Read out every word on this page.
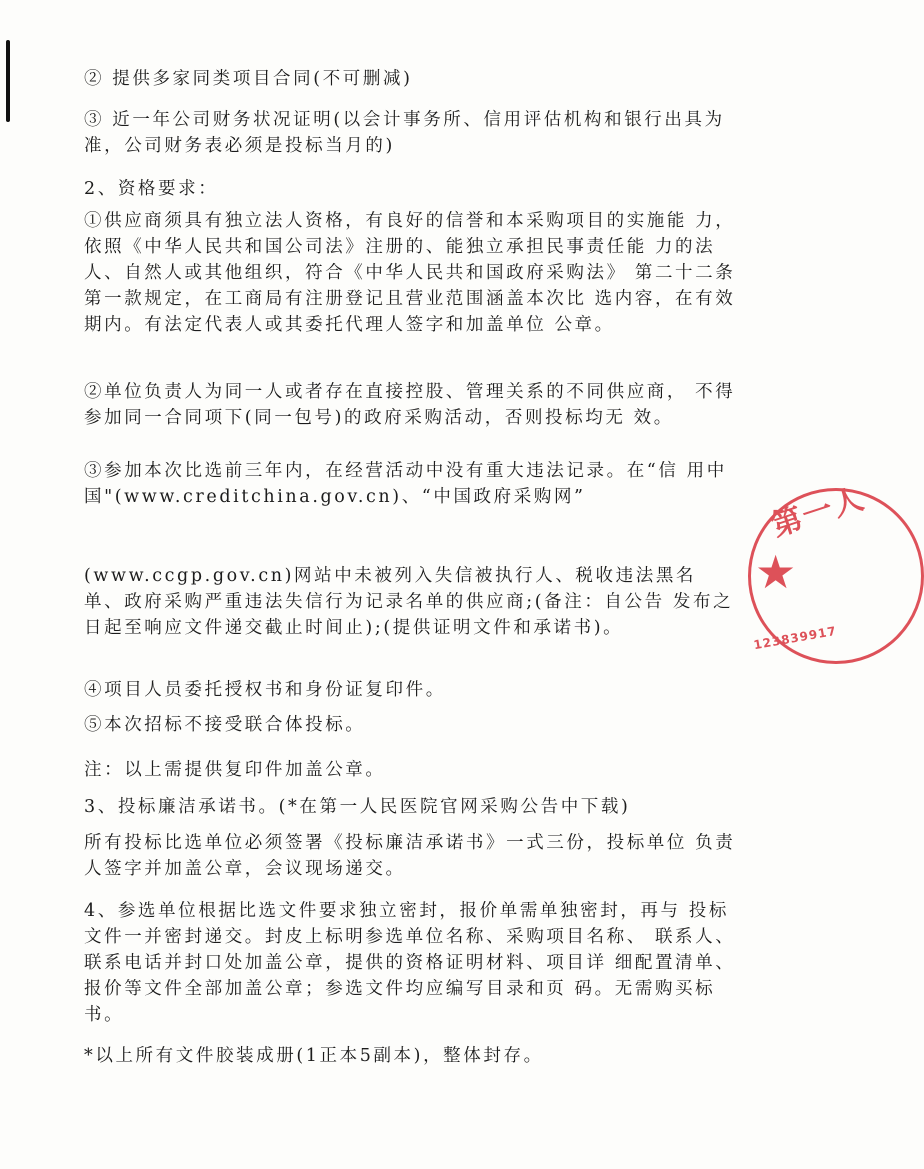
② 提供多家同类项目合同(不可删减)

③ 近一年公司财务状况证明(以会计事务所、信用评估机构和银行出具为准，公司财务表必须是投标当月的)

2、资格要求：

①供应商须具有独立法人资格，有良好的信誉和本采购项目的实施能 力，依照《中华人民共和国公司法》注册的、能独立承担民事责任能 力的法人、自然人或其他组织，符合《中华人民共和国政府采购法》 第二十二条第一款规定，在工商局有注册登记且营业范围涵盖本次比 选内容，在有效期内。有法定代表人或其委托代理人签字和加盖单位 公章。

②单位负责人为同一人或者存在直接控股、管理关系的不同供应商， 不得参加同一合同项下(同一包号)的政府采购活动，否则投标均无 效。

③参加本次比选前三年内，在经营活动中没有重大违法记录。在“信 用中国"(www.creditchina.gov.cn)、“中国政府采购网”

(www.ccgp.gov.cn)网站中未被列入失信被执行人、税收违法黑名 单、政府采购严重违法失信行为记录名单的供应商;(备注：自公告 发布之日起至响应文件递交截止时间止);(提供证明文件和承诺书)。

④项目人员委托授权书和身份证复印件。

⑤本次招标不接受联合体投标。

注：以上需提供复印件加盖公章。

3、投标廉洁承诺书。(*在第一人民医院官网采购公告中下载)

所有投标比选单位必须签署《投标廉洁承诺书》一式三份，投标单位 负责人签字并加盖公章，会议现场递交。

4、参选单位根据比选文件要求独立密封，报价单需单独密封，再与 投标文件一并密封递交。封皮上标明参选单位名称、采购项目名称、 联系人、联系电话并封口处加盖公章，提供的资格证明材料、项目详 细配置清单、报价等文件全部加盖公章；参选文件均应编写目录和页 码。无需购买标书。

*以上所有文件胶装成册(1正本5副本)，整体封存。

第一人
★
123839917
